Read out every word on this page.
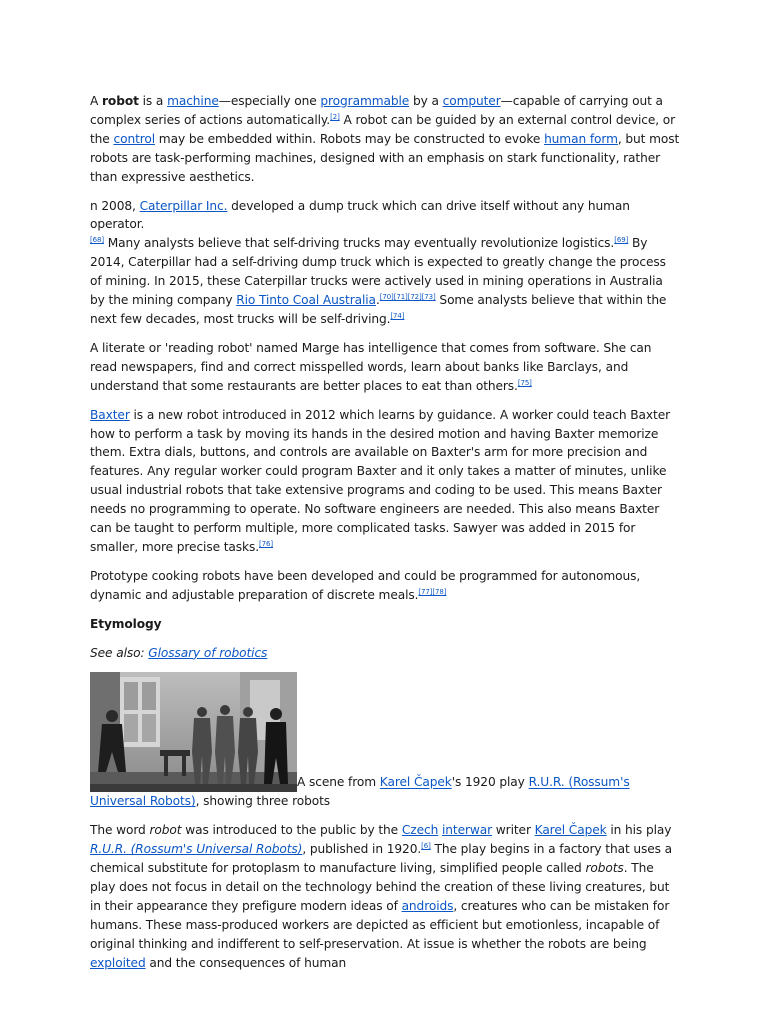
A robot is a machine—especially one programmable by a computer—capable of carrying out a complex series of actions automatically.[2] A robot can be guided by an external control device, or the control may be embedded within. Robots may be constructed to evoke human form, but most robots are task-performing machines, designed with an emphasis on stark functionality, rather than expressive aesthetics.

n 2008, Caterpillar Inc. developed a dump truck which can drive itself without any human operator.
[68] Many analysts believe that self-driving trucks may eventually revolutionize logistics.[69] By 2014, Caterpillar had a self-driving dump truck which is expected to greatly change the process of mining. In 2015, these Caterpillar trucks were actively used in mining operations in Australia by the mining company Rio Tinto Coal Australia.[70][71][72][73] Some analysts believe that within the next few decades, most trucks will be self-driving.[74]

A literate or 'reading robot' named Marge has intelligence that comes from software. She can read newspapers, find and correct misspelled words, learn about banks like Barclays, and understand that some restaurants are better places to eat than others.[75]

Baxter is a new robot introduced in 2012 which learns by guidance. A worker could teach Baxter how to perform a task by moving its hands in the desired motion and having Baxter memorize them. Extra dials, buttons, and controls are available on Baxter's arm for more precision and features. Any regular worker could program Baxter and it only takes a matter of minutes, unlike usual industrial robots that take extensive programs and coding to be used. This means Baxter needs no programming to operate. No software engineers are needed. This also means Baxter can be taught to perform multiple, more complicated tasks. Sawyer was added in 2015 for smaller, more precise tasks.[76]

Prototype cooking robots have been developed and could be programmed for autonomous, dynamic and adjustable preparation of discrete meals.[77][78]

Etymology

See also: Glossary of robotics

A scene from Karel Čapek's 1920 play R.U.R. (Rossum's Universal Robots), showing three robots

The word robot was introduced to the public by the Czech interwar writer Karel Čapek in his play R.U.R. (Rossum's Universal Robots), published in 1920.[6] The play begins in a factory that uses a chemical substitute for protoplasm to manufacture living, simplified people called robots. The play does not focus in detail on the technology behind the creation of these living creatures, but in their appearance they prefigure modern ideas of androids, creatures who can be mistaken for humans. These mass-produced workers are depicted as efficient but emotionless, incapable of original thinking and indifferent to self-preservation. At issue is whether the robots are being exploited and the consequences of human
